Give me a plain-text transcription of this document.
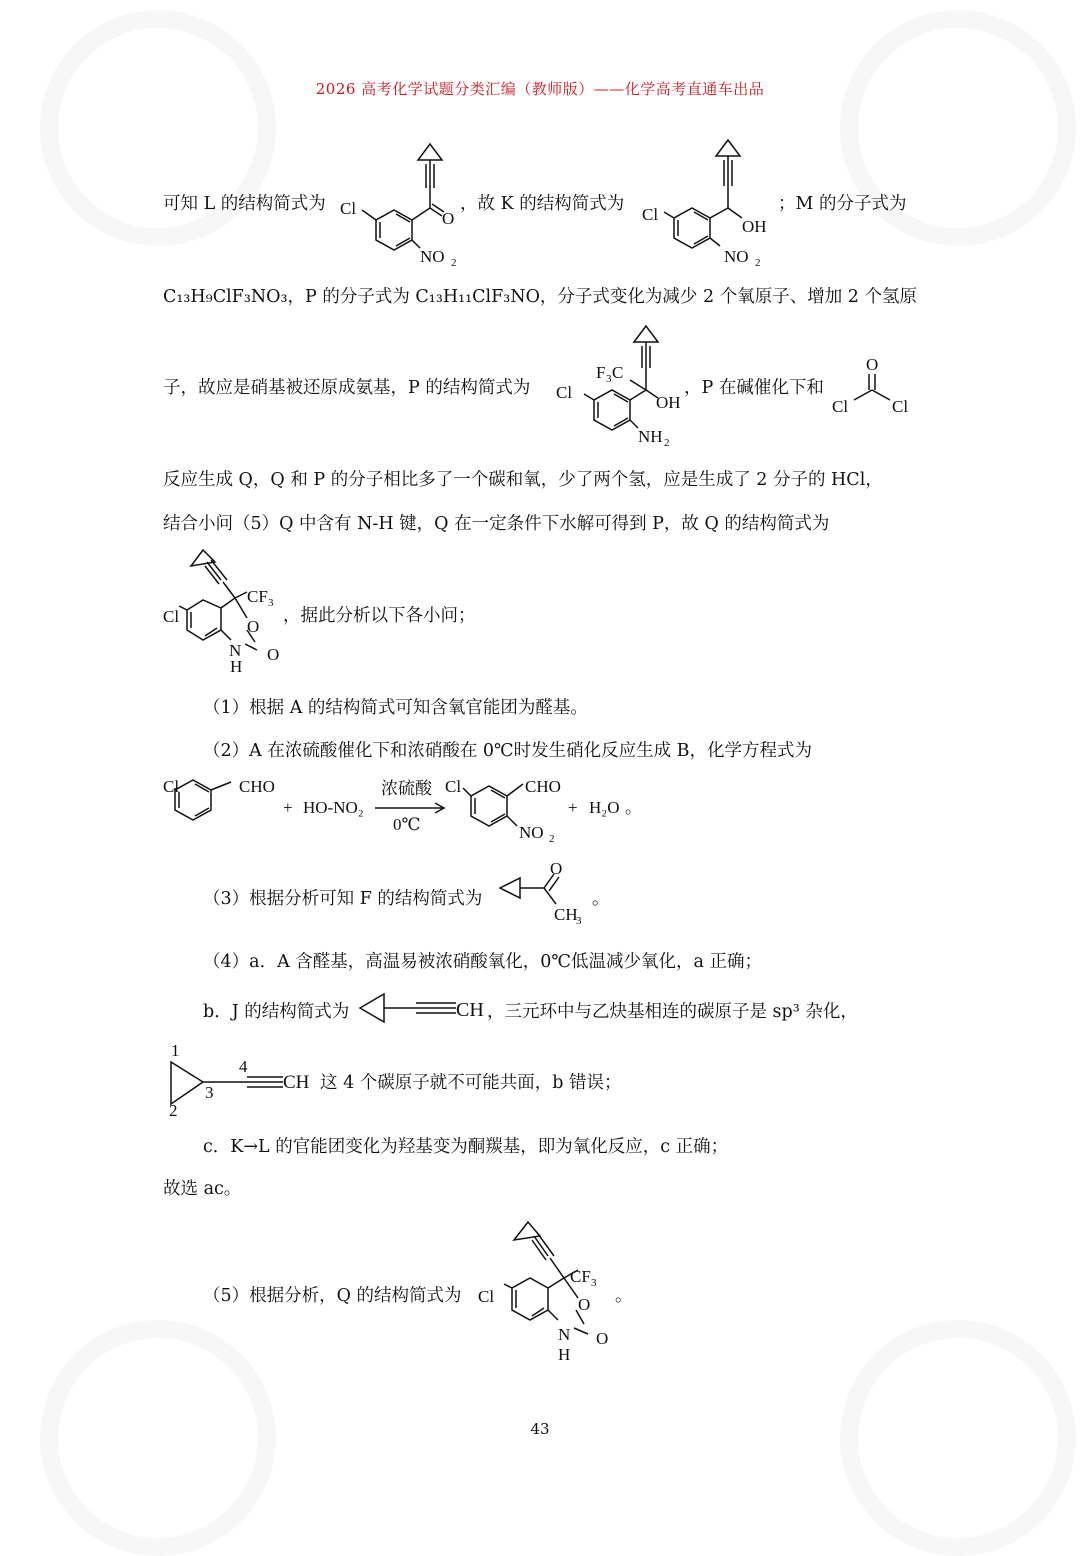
2026 高考化学试题分类汇编（教师版）——化学高考直通车出品
可知 L 的结构简式为 Cl
O
NO 2
，故 K 的结构简式为
Cl
OH
NO 2
；M 的分子式为
C₁₃H₉ClF₃NO₃，P 的分子式为 C₁₃H₁₁ClF₃NO，分子式变化为减少 2 个氧原子、增加 2 个氢原
子，故应是硝基被还原成氨基，P 的结构简式为
F 3 C
Cl
OH
NH 2
，P 在碱催化下和
O
Cl	Cl
反应生成 Q，Q 和 P 的分子相比多了一个碳和氧，少了两个氢，应是生成了 2 分子的 HCl，
结合小问（5）Q 中含有 N-H 键，Q 在一定条件下水解可得到 P，故 Q 的结构简式为
CF 3
Cl
O
N
H
O
，据此分析以下各小问；
（1）根据 A 的结构简式可知含氧官能团为醛基。
（2）A 在浓硫酸催化下和浓硝酸在 0℃时发生硝化反应生成 B，化学方程式为
Cl	CHO
+ HO-NO₂
浓硫酸
0℃
Cl	CHO
NO 2
+ H₂O 。
（3）根据分析可知 F 的结构简式为
O
CH
3
。
（4）a．A 含醛基，高温易被浓硝酸氧化，0℃低温减少氧化，a 正确；
b．J 的结构简式为	CH ，三元环中与乙炔基相连的碳原子是 sp³ 杂化，
1
4
3
2
CH 这 4 个碳原子就不可能共面，b 错误；
c．K→L 的官能团变化为羟基变为酮羰基，即为氧化反应，c 正确；
故选 ac。
（5）根据分析，Q 的结构简式为
CF 3
Cl	O
N
H
O
。
43
